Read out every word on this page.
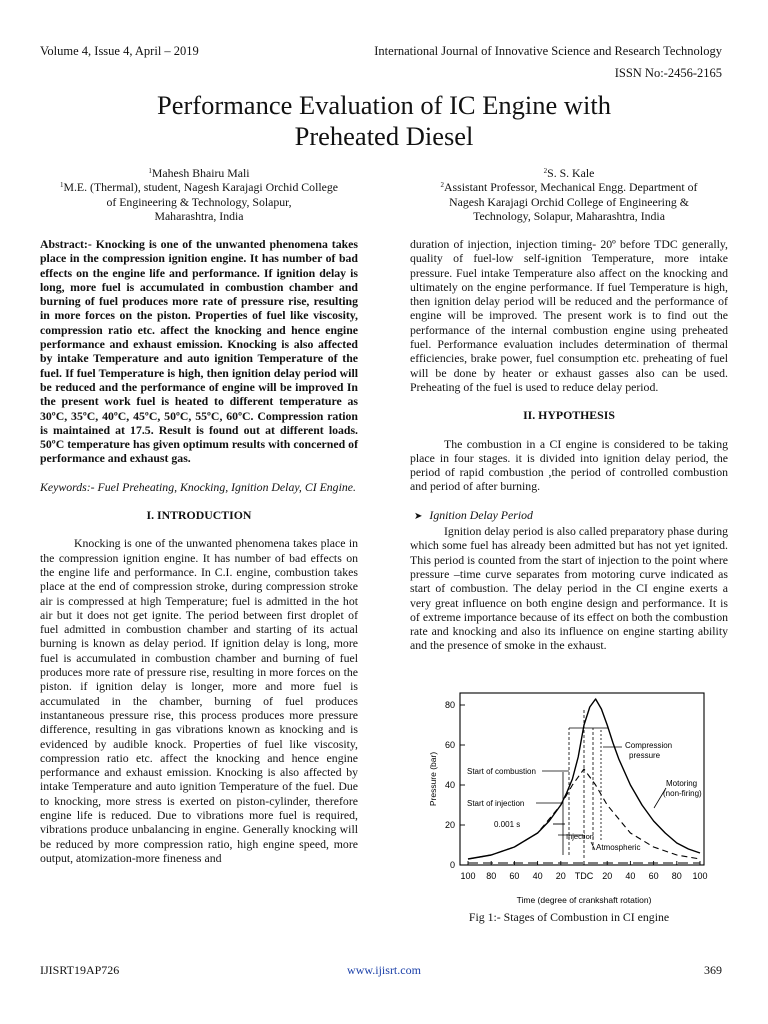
Volume 4, Issue 4, April – 2019	International Journal of Innovative Science and Research Technology
ISSN No:-2456-2165
Performance Evaluation of IC Engine with
Preheated Diesel
$^1$Mahesh Bhairu Mali
$^1$M.E. (Thermal), student, Nagesh Karajagi Orchid College
of Engineering & Technology, Solapur,
Maharashtra, India
$^2$S. S. Kale
$^2$Assistant Professor, Mechanical Engg. Department of
Nagesh Karajagi Orchid College of Engineering &
Technology, Solapur, Maharashtra, India

Abstract:- Knocking is one of the unwanted phenomena takes place in the compression ignition engine. It has number of bad effects on the engine life and performance. If ignition delay is long, more fuel is accumulated in combustion chamber and burning of fuel produces more rate of pressure rise, resulting in more forces on the piston. Properties of fuel like viscosity, compression ratio etc. affect the knocking and hence engine performance and exhaust emission. Knocking is also affected by intake Temperature and auto ignition Temperature of the fuel. If fuel Temperature is high, then ignition delay period will be reduced and the performance of engine will be improved In the present work fuel is heated to different temperature as 30ºC, 35ºC, 40ºC, 45ºC, 50ºC, 55ºC, 60ºC. Compression ration is maintained at 17.5. Result is found out at different loads. 50ºC temperature has given optimum results with concerned of performance and exhaust gas.

Keywords:- Fuel Preheating, Knocking, Ignition Delay, CI Engine.

I. INTRODUCTION

Knocking is one of the unwanted phenomena takes place in the compression ignition engine. It has number of bad effects on the engine life and performance. In C.I. engine, combustion takes place at the end of compression stroke, during compression stroke air is compressed at high Temperature; fuel is admitted in the hot air but it does not get ignite. The period between first droplet of fuel admitted in combustion chamber and starting of its actual burning is known as delay period. If ignition delay is long, more fuel is accumulated in combustion chamber and burning of fuel produces more rate of pressure rise, resulting in more forces on the piston. if ignition delay is longer, more and more fuel is accumulated in the chamber, burning of fuel produces instantaneous pressure rise, this process produces more pressure difference, resulting in gas vibrations known as knocking and is evidenced by audible knock. Properties of fuel like viscosity, compression ratio etc. affect the knocking and hence engine performance and exhaust emission. Knocking is also affected by intake Temperature and auto ignition Temperature of the fuel. Due to knocking, more stress is exerted on piston-cylinder, therefore engine life is reduced. Due to vibrations more fuel is required, vibrations produce unbalancing in engine. Generally knocking will be reduced by more compression ratio, high engine speed, more output, atomization-more fineness and

duration of injection, injection timing- 20º before TDC generally, quality of fuel-low self-ignition Temperature, more intake pressure. Fuel intake Temperature also affect on the knocking and ultimately on the engine performance. If fuel Temperature is high, then ignition delay period will be reduced and the performance of engine will be improved. The present work is to find out the performance of the internal combustion engine using preheated fuel. Performance evaluation includes determination of thermal efficiencies, brake power, fuel consumption etc. preheating of fuel will be done by heater or exhaust gasses also can be used. Preheating of the fuel is used to reduce delay period.

II. HYPOTHESIS

The combustion in a CI engine is considered to be taking place in four stages. it is divided into ignition delay period, the period of rapid combustion ,the period of controlled combustion and period of after burning.

➤ Ignition Delay Period

Ignition delay period is also called preparatory phase during which some fuel has already been admitted but has not yet ignited. This period is counted from the start of injection to the point where pressure –time curve separates from motoring curve indicated as start of combustion. The delay period in the CI engine exerts a very great influence on both engine design and performance. It is of extreme importance because of its effect on both the combustion rate and knocking and also its influence on engine starting ability and the presence of smoke in the exhaust.

0
20
40
60
80
100 80 60 40 20 TDC 20 40 60 80 100
Compression
pressure
Motoring
(non-firing)
Start of combustion
Start of injection
0.001 s
Injection
Atmospheric
Pressure (bar)
Time (degree of crankshaft rotation)
Fig 1:- Stages of Combustion in CI engine
IJISRT19AP726	www.ijisrt.com	369
